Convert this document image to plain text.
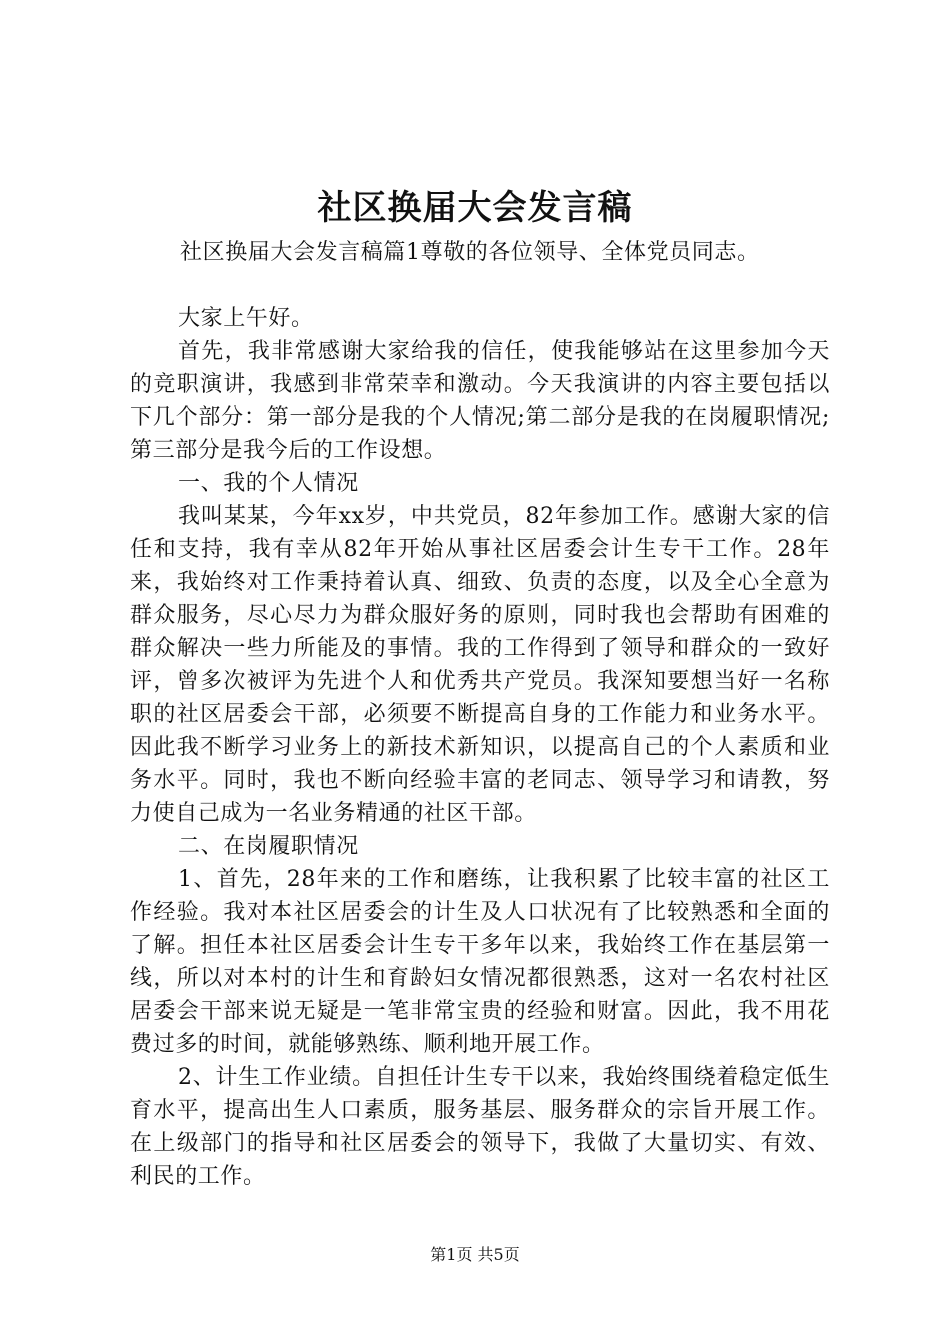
社区换届大会发言稿

社区换届大会发言稿篇1尊敬的各位领导、全体党员同志。

大家上午好。

首先，我非常感谢大家给我的信任，使我能够站在这里参加今天的竞职演讲，我感到非常荣幸和激动。今天我演讲的内容主要包括以下几个部分：第一部分是我的个人情况;第二部分是我的在岗履职情况;第三部分是我今后的工作设想。

一、我的个人情况

我叫某某，今年xx岁，中共党员，82年参加工作。感谢大家的信任和支持，我有幸从82年开始从事社区居委会计生专干工作。28年来，我始终对工作秉持着认真、细致、负责的态度，以及全心全意为群众服务，尽心尽力为群众服好务的原则，同时我也会帮助有困难的群众解决一些力所能及的事情。我的工作得到了领导和群众的一致好评，曾多次被评为先进个人和优秀共产党员。我深知要想当好一名称职的社区居委会干部，必须要不断提高自身的工作能力和业务水平。因此我不断学习业务上的新技术新知识，以提高自己的个人素质和业务水平。同时，我也不断向经验丰富的老同志、领导学习和请教，努力使自己成为一名业务精通的社区干部。

二、在岗履职情况

1、首先，28年来的工作和磨练，让我积累了比较丰富的社区工作经验。我对本社区居委会的计生及人口状况有了比较熟悉和全面的了解。担任本社区居委会计生专干多年以来，我始终工作在基层第一线，所以对本村的计生和育龄妇女情况都很熟悉，这对一名农村社区居委会干部来说无疑是一笔非常宝贵的经验和财富。因此，我不用花费过多的时间，就能够熟练、顺利地开展工作。

2、计生工作业绩。自担任计生专干以来，我始终围绕着稳定低生育水平，提高出生人口素质，服务基层、服务群众的宗旨开展工作。在上级部门的指导和社区居委会的领导下，我做了大量切实、有效、利民的工作。

第1页 共5页
